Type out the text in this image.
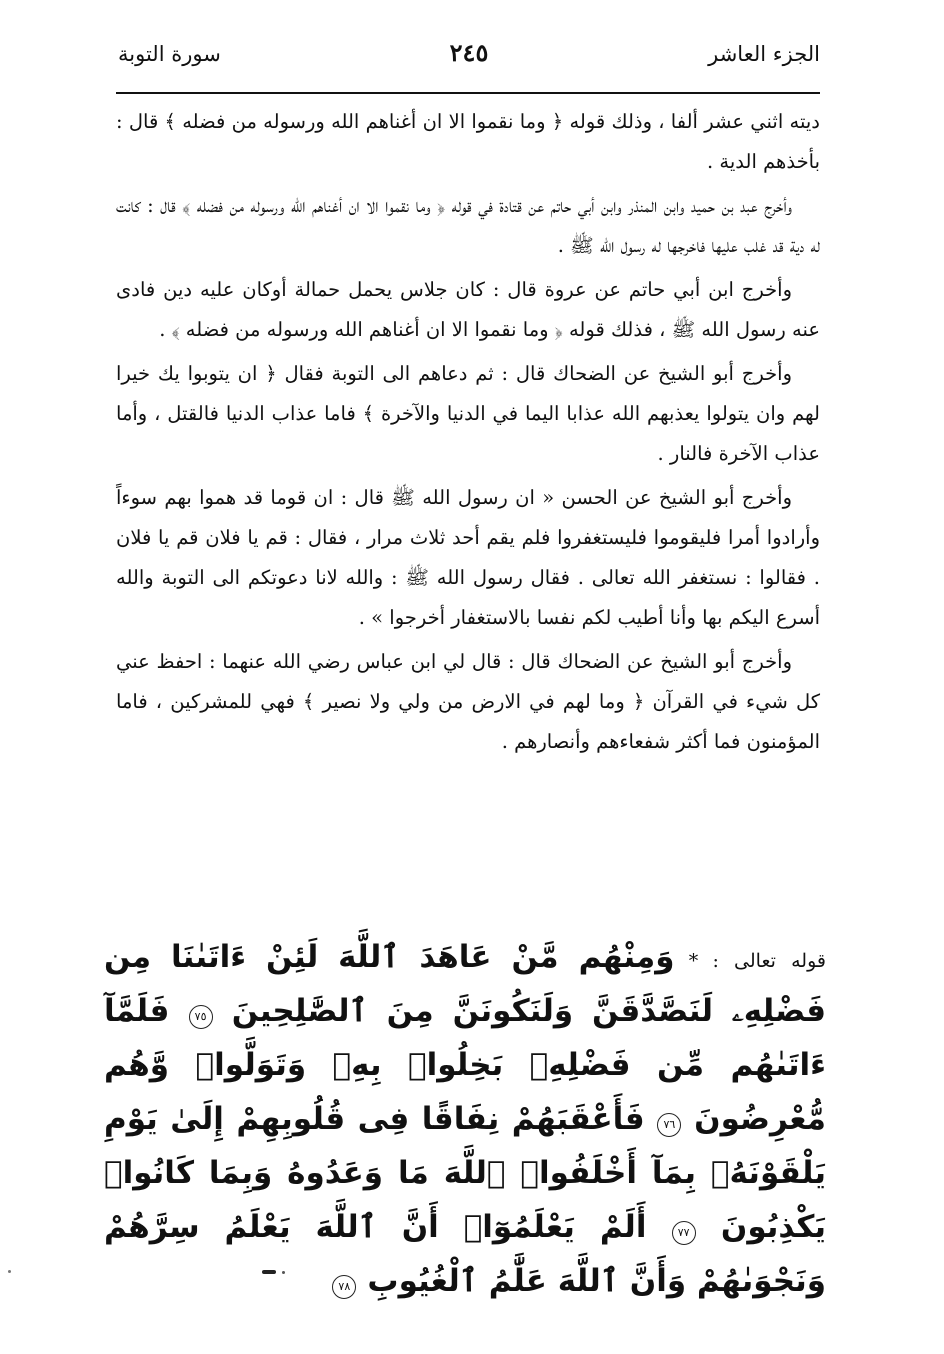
الجزء العاشر
٢٤٥
سورة التوبة

ديته اثني عشر ألفا ، وذلك قوله ﴿ وما نقموا الا ان أغناهم الله ورسوله من فضله ﴾ قال : بأخذهم الدية .

وأخرج عبد بن حميد وابن المنذر وابن أبي حاتم عن قتادة في قوله ﴿ وما نقموا الا ان أغناهم الله ورسوله من فضله ﴾ قال : كانت له دية قد غلب عليها فاخرجها له رسول الله ﷺ .

وأخرج ابن أبي حاتم عن عروة قال : كان جلاس يحمل حمالة أوكان عليه دين فادى عنه رسول الله ﷺ ، فذلك قوله ﴿ وما نقموا الا ان أغناهم الله ورسوله من فضله ﴾ .

وأخرج أبو الشيخ عن الضحاك قال : ثم دعاهم الى التوبة فقال ﴿ ان يتوبوا يك خيرا لهم وان يتولوا يعذبهم الله عذابا اليما في الدنيا والآخرة ﴾ فاما عذاب الدنيا فالقتل ، وأما عذاب الآخرة فالنار .

وأخرج أبو الشيخ عن الحسن « ان رسول الله ﷺ قال : ان قوما قد هموا بهم سوءاً وأرادوا أمرا فليقوموا فليستغفروا فلم يقم أحد ثلاث مرار ، فقال : قم يا فلان قم يا فلان . فقالوا : نستغفر الله تعالى . فقال رسول الله ﷺ : والله لانا دعوتكم الى التوبة والله أسرع اليكم بها وأنا أطيب لكم نفسا بالاستغفار أخرجوا » .

وأخرج أبو الشيخ عن الضحاك قال : قال لي ابن عباس رضي الله عنهما : احفظ عني كل شيء في القرآن ﴿ وما لهم في الارض من ولي ولا نصير ﴾ فهي للمشركين ، فاما المؤمنون فما أكثر شفعاءهم وأنصارهم .

قوله تعالى : * وَمِنْهُم مَّنْ عَاهَدَ ٱللَّهَ لَئِنْ ءَاتَىٰنَا مِن فَضْلِهِۦ لَنَصَّدَّقَنَّ وَلَنَكُونَنَّ مِنَ ٱلصَّٰلِحِينَ ٧٥ فَلَمَّآ ءَاتَىٰهُم مِّن فَضْلِهِۦ بَخِلُوا۟ بِهِۦ وَتَوَلَّوا۟ وَّهُم مُّعْرِضُونَ ٧٦ فَأَعْقَبَهُمْ نِفَاقًا فِى قُلُوبِهِمْ إِلَىٰ يَوْمِ يَلْقَوْنَهُۥ بِمَآ أَخْلَفُوا۟ ٱللَّهَ مَا وَعَدُوهُ وَبِمَا كَانُوا۟ يَكْذِبُونَ ٧٧ أَلَمْ يَعْلَمُوٓا۟ أَنَّ ٱللَّهَ يَعْلَمُ سِرَّهُمْ وَنَجْوَىٰهُمْ وَأَنَّ ٱللَّهَ عَلَّٰمُ ٱلْغُيُوبِ ٧٨
